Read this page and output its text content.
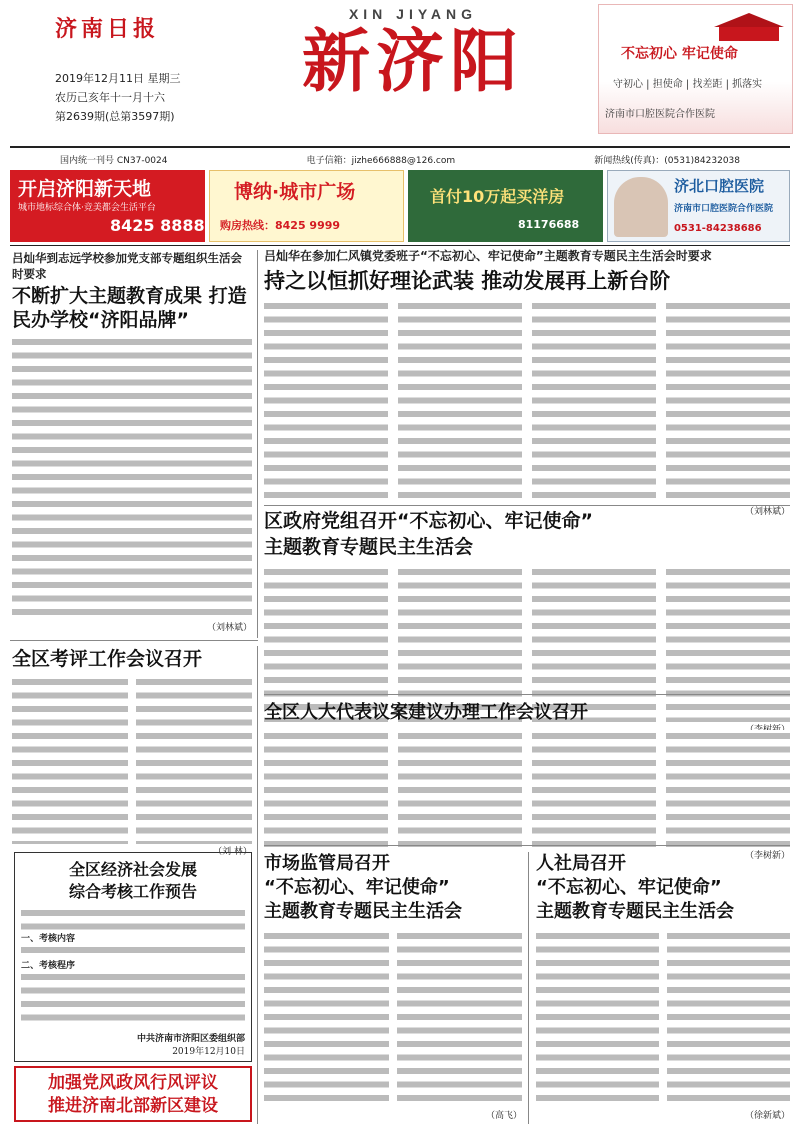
济南日报
2019年12月11日 星期三
农历己亥年十一月十六
第2639期(总第3597期)
XIN JIYANG
新济阳	不忘初心 牢记使命
守初心 | 担使命 | 找差距 | 抓落实
济南市口腔医院合作医院
国内统一刊号 CN37-0024	电子信箱：jizhe666888@126.com	新闻热线(传真)：(0531)84232038
开启济阳新天地
城市地标综合体·竞美都会生活平台
8425 8888
博纳·城市广场
购房热线：8425 9999
首付10万起买洋房
81176688
济北口腔医院
济南市口腔医院合作医院
0531-84238686
吕灿华到志远学校参加党支部专题组织生活会时要求
不断扩大主题教育成果 打造民办学校“济阳品牌”
（刘林斌）
吕灿华在参加仁风镇党委班子“不忘初心、牢记使命”主题教育专题民主生活会时要求
持之以恒抓好理论武装 推动发展再上新台阶
（刘林斌）
区政府党组召开“不忘初心、牢记使命”
主题教育专题民主生活会
全区考评工作会议召开
（刘 林）
全区人大代表议案建议办理工作会议召开
（李树新）
全区经济社会发展
综合考核工作预告
一、考核内容
二、考核程序
中共济南市济阳区委组织部
2019年12月10日
加强党风政风行风评议
推进济南北部新区建设
市场监管局召开
“不忘初心、牢记使命”
主题教育专题民主生活会
（高飞）
人社局召开
“不忘初心、牢记使命”
主题教育专题民主生活会
（徐新斌）
